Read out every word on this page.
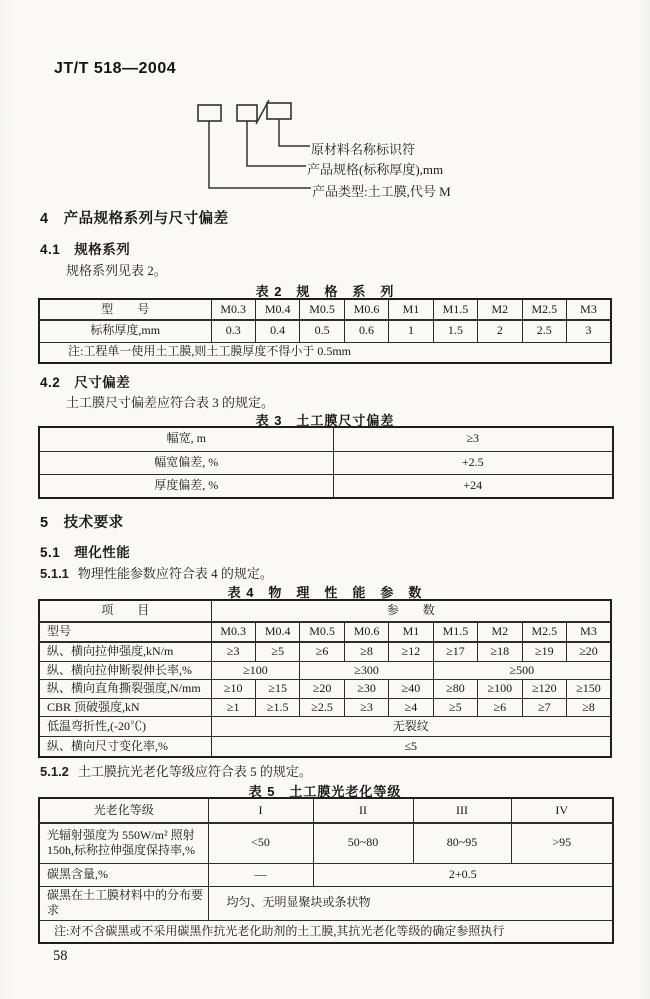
JT/T 518—2004
原材料名称标识符
产品规格(标称厚度),mm
产品类型:土工膜,代号 M
4　产品规格系列与尺寸偏差
4.1　规格系列
规格系列见表 2。
表 2　规　格　系　列
型　　号	M0.3	M0.4	M0.5	M0.6	M1	M1.5	M2	M2.5	M3
标称厚度,mm	0.3	0.4	0.5	0.6	1	1.5	2	2.5	3
注:工程单一使用土工膜,则土工膜厚度不得小于 0.5mm									
4.2　尺寸偏差
土工膜尺寸偏差应符合表 3 的规定。
表 3　土工膜尺寸偏差
幅宽, m	≥3
幅宽偏差, %	+2.5
厚度偏差, %	+24
5　技术要求
5.1　理化性能
5.1.1 物理性能参数应符合表 4 的规定。
表 4　物　理　性　能　参　数
项　　目	参　　数								
型号	M0.3	M0.4	M0.5	M0.6	M1	M1.5	M2	M2.5	M3
纵、横向拉伸强度,kN/m	≥3	≥5	≥6	≥8	≥12	≥17	≥18	≥19	≥20
纵、横向拉伸断裂伸长率,%	≥100		≥300			≥500			
纵、横向直角撕裂强度,N/mm	≥10	≥15	≥20	≥30	≥40	≥80	≥100	≥120	≥150
CBR 顶破强度,kN	≥1	≥1.5	≥2.5	≥3	≥4	≥5	≥6	≥7	≥8
低温弯折性,(-20℃)	无裂纹								
纵、横向尺寸变化率,%	≤5								
5.1.2 土工膜抗光老化等级应符合表 5 的规定。
表 5　土工膜光老化等级
光老化等级	I	II	III	IV
光辐射强度为 550W/m² 照射150h,标称拉伸强度保持率,%	<50	50~80	80~95	>95
碳黑含量,%	—	2+0.5		
碳黑在土工膜材料中的分布要求	均匀、无明显聚块或条状物			
注:对不含碳黑或不采用碳黑作抗光老化助剂的土工膜,其抗光老化等级的确定参照执行				
58
